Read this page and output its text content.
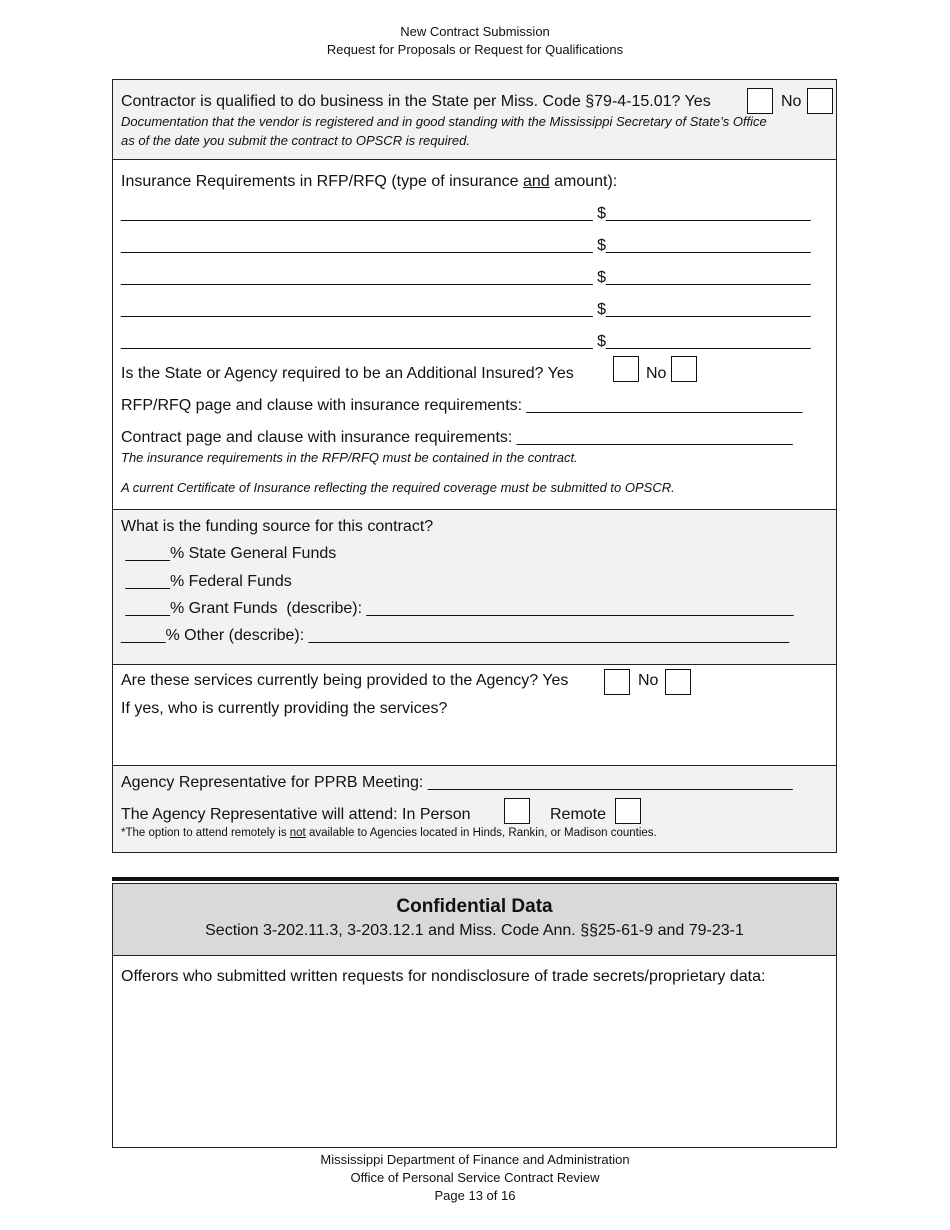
New Contract Submission
Request for Proposals or Request for Qualifications
Contractor is qualified to do business in the State per Miss. Code §79-4-15.01? Yes	No
Documentation that the vendor is registered and in good standing with the Mississippi Secretary of State’s Office
as of the date you submit the contract to OPSCR is required.
Insurance Requirements in RFP/RFQ (type of insurance and amount):
_____________________________________________________ $_______________________
_____________________________________________________ $_______________________
_____________________________________________________ $_______________________
_____________________________________________________ $_______________________
_____________________________________________________ $_______________________
Is the State or Agency required to be an Additional Insured? Yes	No
RFP/RFQ page and clause with insurance requirements: _______________________________
Contract page and clause with insurance requirements: _______________________________
The insurance requirements in the RFP/RFQ must be contained in the contract.
A current Certificate of Insurance reflecting the required coverage must be submitted to OPSCR.
What is the funding source for this contract?
_____% State General Funds
_____% Federal Funds
_____% Grant Funds  (describe): ________________________________________________
_____% Other (describe): ______________________________________________________
Are these services currently being provided to the Agency? Yes	No
If yes, who is currently providing the services?
Agency Representative for PPRB Meeting: _________________________________________
The Agency Representative will attend: In Person	Remote
*The option to attend remotely is not available to Agencies located in Hinds, Rankin, or Madison counties.
Confidential Data
Section 3-202.11.3, 3-203.12.1 and Miss. Code Ann. §§25-61-9 and 79-23-1
Offerors who submitted written requests for nondisclosure of trade secrets/proprietary data:
Mississippi Department of Finance and Administration
Office of Personal Service Contract Review
Page 13 of 16
